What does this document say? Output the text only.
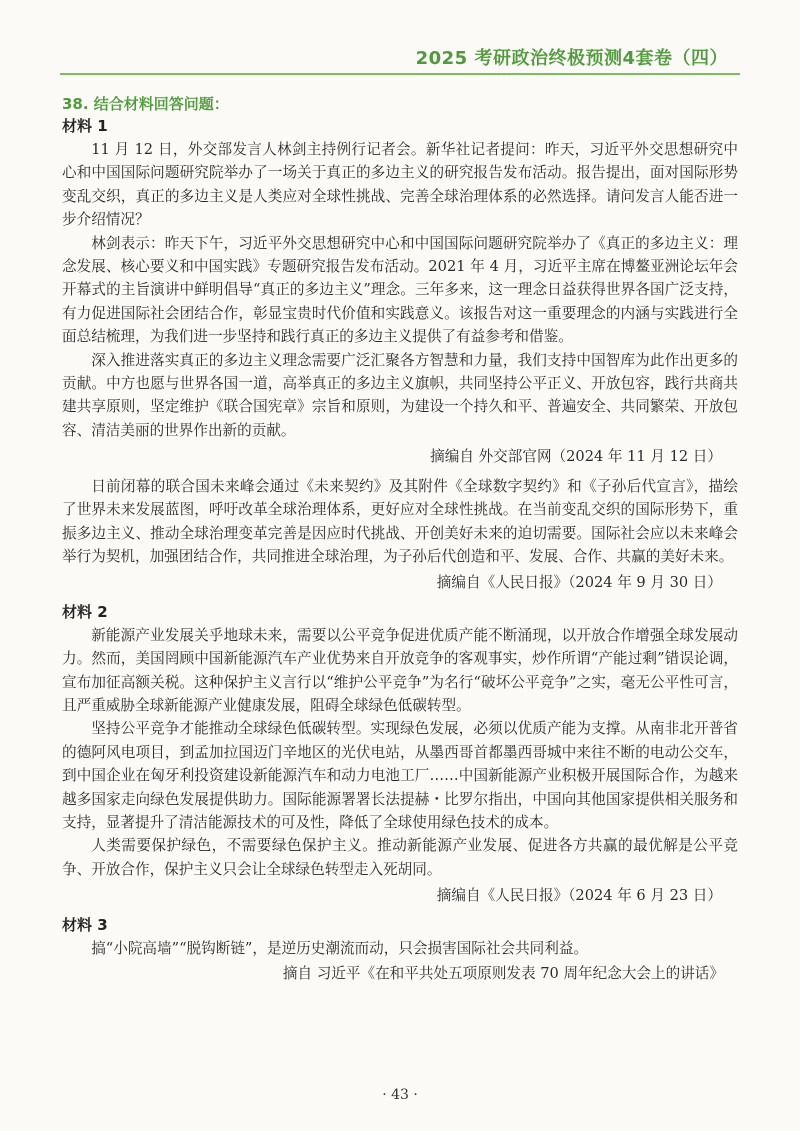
2025 考研政治终极预测4套卷（四）
38. 结合材料回答问题：
材料 1

11 月 12 日，外交部发言人林剑主持例行记者会。新华社记者提问：昨天，习近平外交思想研究中心和中国国际问题研究院举办了一场关于真正的多边主义的研究报告发布活动。报告提出，面对国际形势变乱交织，真正的多边主义是人类应对全球性挑战、完善全球治理体系的必然选择。请问发言人能否进一步介绍情况？

林剑表示：昨天下午，习近平外交思想研究中心和中国国际问题研究院举办了《真正的多边主义：理念发展、核心要义和中国实践》专题研究报告发布活动。2021 年 4 月，习近平主席在博鳌亚洲论坛年会开幕式的主旨演讲中鲜明倡导“真正的多边主义”理念。三年多来，这一理念日益获得世界各国广泛支持，有力促进国际社会团结合作，彰显宝贵时代价值和实践意义。该报告对这一重要理念的内涵与实践进行全面总结梳理，为我们进一步坚持和践行真正的多边主义提供了有益参考和借鉴。

深入推进落实真正的多边主义理念需要广泛汇聚各方智慧和力量，我们支持中国智库为此作出更多的贡献。中方也愿与世界各国一道，高举真正的多边主义旗帜，共同坚持公平正义、开放包容，践行共商共建共享原则，坚定维护《联合国宪章》宗旨和原则，为建设一个持久和平、普遍安全、共同繁荣、开放包容、清洁美丽的世界作出新的贡献。

摘编自 外交部官网（2024 年 11 月 12 日）

日前闭幕的联合国未来峰会通过《未来契约》及其附件《全球数字契约》和《子孙后代宣言》，描绘了世界未来发展蓝图，呼吁改革全球治理体系，更好应对全球性挑战。在当前变乱交织的国际形势下，重振多边主义、推动全球治理变革完善是因应时代挑战、开创美好未来的迫切需要。国际社会应以未来峰会举行为契机，加强团结合作，共同推进全球治理，为子孙后代创造和平、发展、合作、共赢的美好未来。

摘编自《人民日报》（2024 年 9 月 30 日）

材料 2

新能源产业发展关乎地球未来，需要以公平竞争促进优质产能不断涌现，以开放合作增强全球发展动力。然而，美国罔顾中国新能源汽车产业优势来自开放竞争的客观事实，炒作所谓“产能过剩”错误论调，宣布加征高额关税。这种保护主义言行以“维护公平竞争”为名行“破坏公平竞争”之实，毫无公平性可言，且严重威胁全球新能源产业健康发展，阻碍全球绿色低碳转型。

坚持公平竞争才能推动全球绿色低碳转型。实现绿色发展，必须以优质产能为支撑。从南非北开普省的德阿风电项目，到孟加拉国迈门辛地区的光伏电站，从墨西哥首都墨西哥城中来往不断的电动公交车，到中国企业在匈牙利投资建设新能源汽车和动力电池工厂……中国新能源产业积极开展国际合作，为越来越多国家走向绿色发展提供助力。国际能源署署长法提赫・比罗尔指出，中国向其他国家提供相关服务和支持，显著提升了清洁能源技术的可及性，降低了全球使用绿色技术的成本。

人类需要保护绿色，不需要绿色保护主义。推动新能源产业发展、促进各方共赢的最优解是公平竞争、开放合作，保护主义只会让全球绿色转型走入死胡同。

摘编自《人民日报》（2024 年 6 月 23 日）

材料 3

搞“小院高墙”“脱钩断链”，是逆历史潮流而动，只会损害国际社会共同利益。

摘自 习近平《在和平共处五项原则发表 70 周年纪念大会上的讲话》

· 43 ·
